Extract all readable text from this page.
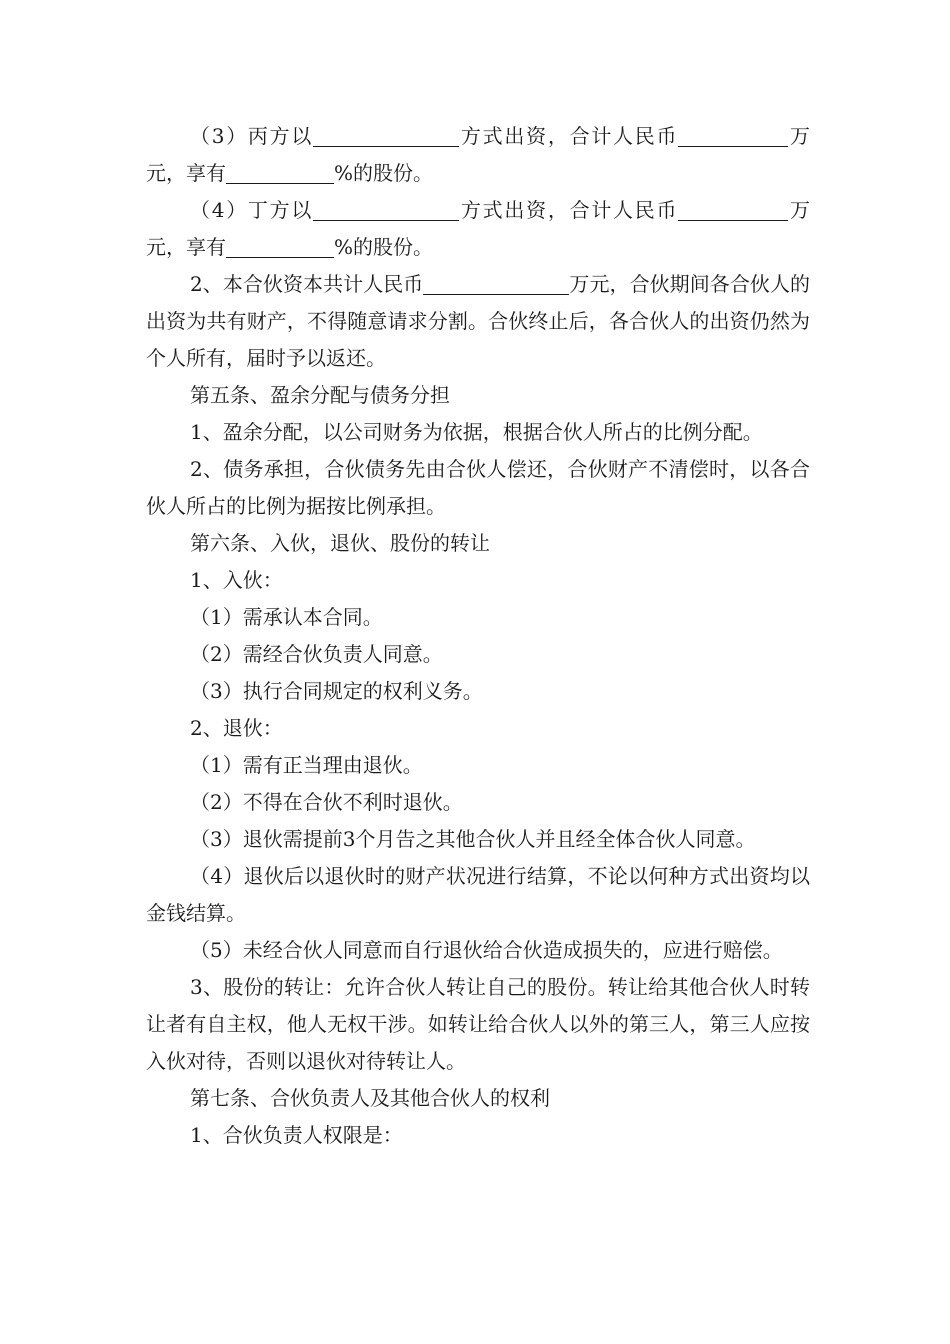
（3）丙方以	方式出资，合计人民币	万元，享有	%的股份。

（4）丁方以	方式出资，合计人民币	万元，享有	%的股份。

2、本合伙资本共计人民币	万元，合伙期间各合伙人的出资为共有财产，不得随意请求分割。合伙终止后，各合伙人的出资仍然为个人所有，届时予以返还。

第五条、盈余分配与债务分担

1、盈余分配，以公司财务为依据，根据合伙人所占的比例分配。

2、债务承担，合伙债务先由合伙人偿还，合伙财产不清偿时，以各合伙人所占的比例为据按比例承担。

第六条、入伙，退伙、股份的转让

1、入伙：

（1）需承认本合同。

（2）需经合伙负责人同意。

（3）执行合同规定的权利义务。

2、退伙：

（1）需有正当理由退伙。

（2）不得在合伙不利时退伙。

（3）退伙需提前3个月告之其他合伙人并且经全体合伙人同意。

（4）退伙后以退伙时的财产状况进行结算，不论以何种方式出资均以金钱结算。

（5）未经合伙人同意而自行退伙给合伙造成损失的，应进行赔偿。

3、股份的转让：允许合伙人转让自己的股份。转让给其他合伙人时转让者有自主权，他人无权干涉。如转让给合伙人以外的第三人，第三人应按入伙对待，否则以退伙对待转让人。

第七条、合伙负责人及其他合伙人的权利

1、合伙负责人权限是：
